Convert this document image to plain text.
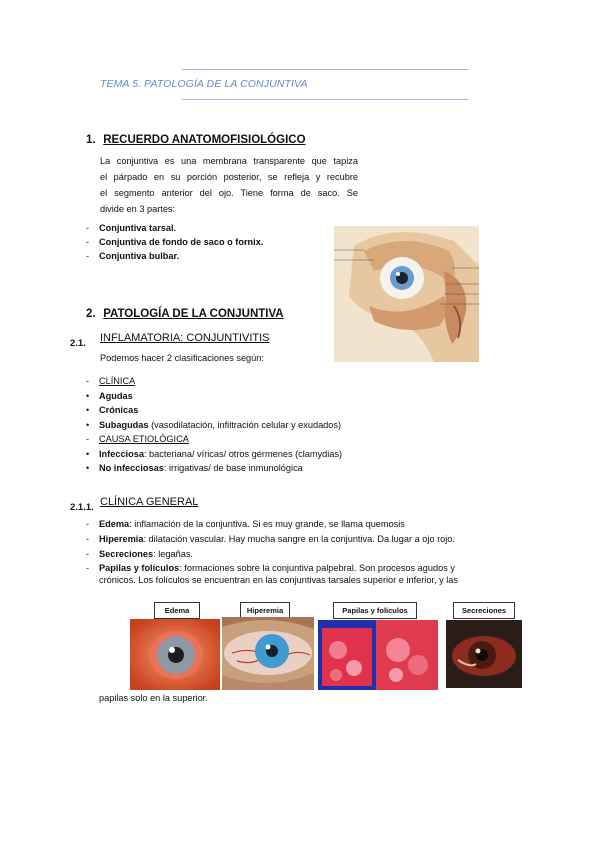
TEMA 5. PATOLOGÍA DE LA CONJUNTIVA
1. RECUERDO ANATOMOFISIOLÓGICO
La conjuntiva es una membrana transparente que tapiza
el párpado en su porción posterior, se refleja y recubre
el segmento anterior del ojo. Tiene forma de saco. Se
divide en 3 partes:
- Conjuntiva tarsal.
- Conjuntiva de fondo de saco o fornix.
- Conjuntiva bulbar.
2. PATOLOGÍA DE LA CONJUNTIVA
2.1. INFLAMATORIA: CONJUNTIVITIS
Podemos hacer 2 clasificaciones según:
- CLÍNICA
• Agudas
• Crónicas
• Subagudas (vasodilatación, infiltración celular y exudados)
- CAUSA ETIOLÓGICA
• Infecciosa: bacteriana/ víricas/ otros gérmenes (clamydias)
• No infecciosas: irrigativas/ de base inmunológica
2.1.1. CLÍNICA GENERAL
- Edema: inflamación de la conjuntiva. Si es muy grande, se llama quemosis
- Hiperemia: dilatación vascular. Hay mucha sangre en la conjuntiva. Da lugar a ojo rojo.
- Secreciones: legañas.
- Papilas y folículos: formaciones sobre la conjuntiva palpebral. Son procesos agudos y
crónicos. Los folículos se encuentran en las conjuntivas tarsales superior e inferior, y las
Edema	Hiperemia	Papilas y folículos	Secreciones
papilas solo en la superior.
